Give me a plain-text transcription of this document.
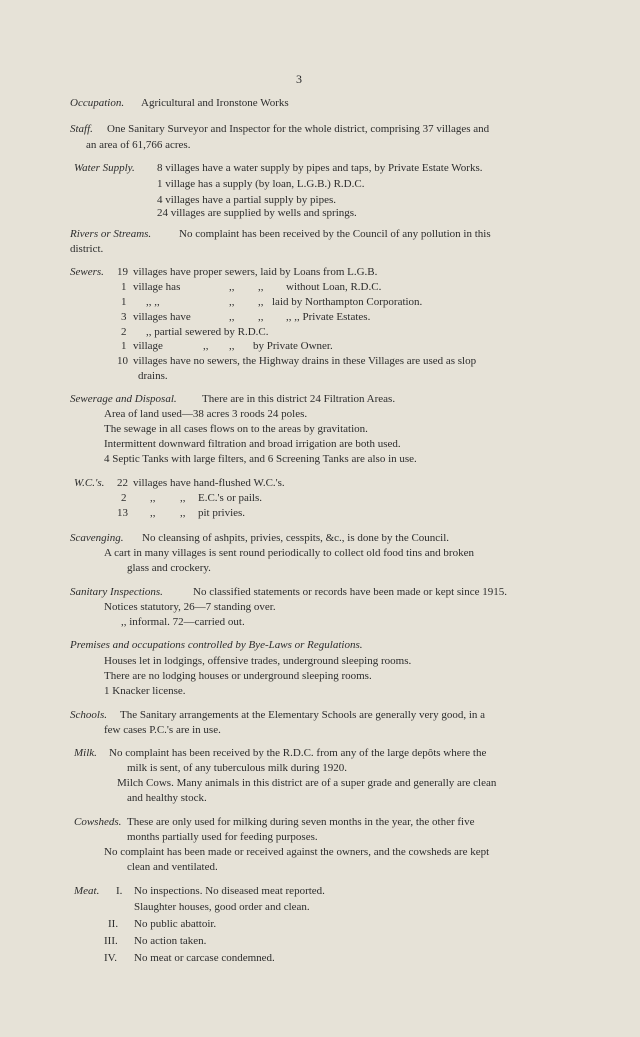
3
Occupation. Agricultural and Ironstone Works
Staff. One Sanitary Surveyor and Inspector for the whole district, comprising 37 villages and
an area of 61,766 acres.
Water Supply. 8 villages have a water supply by pipes and taps, by Private Estate Works.
1 village has a supply (by loan, L.G.B.) R.D.C.
4 villages have a partial supply by pipes.
24 villages are supplied by wells and springs.
Rivers or Streams.	No complaint has been received by the Council of any pollution in this
district.
Sewers. 19 villages have proper sewers, laid by Loans from L.G.B.
1 village has	,, ,, without Loan, R.D.C.
1 ,, ,,	,, ,, laid by Northampton Corporation.
3 villages have	,, ,, ,, ,, Private Estates.
2 ,, partial sewered by R.D.C.
1 village	,, ,, by Private Owner.
10 villages have no sewers, the Highway drains in these Villages are used as slop
drains.
Sewerage and Disposal. There are in this district 24 Filtration Areas.
Area of land used—38 acres 3 roods 24 poles.
The sewage in all cases flows on to the areas by gravitation.
Intermittent downward filtration and broad irrigation are both used.
4 Septic Tanks with large filters, and 6 Screening Tanks are also in use.
W.C.'s. 22 villages have hand-flushed W.C.'s.
2 ,, ,, E.C.'s or pails.
13 ,, ,, pit privies.
Scavenging. No cleansing of ashpits, privies, cesspits, &c., is done by the Council.
A cart in many villages is sent round periodically to collect old food tins and broken
glass and crockery.
Sanitary Inspections.	No classified statements or records have been made or kept since 1915.
Notices statutory, 26—7 standing over.
,, informal. 72—carried out.
Premises and occupations controlled by Bye-Laws or Regulations.
Houses let in lodgings, offensive trades, underground sleeping rooms.
There are no lodging houses or underground sleeping rooms.
1 Knacker license.
Schools. The Sanitary arrangements at the Elementary Schools are generally very good, in a
few cases P.C.'s are in use.
Milk. No complaint has been received by the R.D.C. from any of the large depôts where the
milk is sent, of any tuberculous milk during 1920.
Milch Cows. Many animals in this district are of a super grade and generally are clean
and healthy stock.
Cowsheds. These are only used for milking during seven months in the year, the other five
months partially used for feeding purposes.
No complaint has been made or received against the owners, and the cowsheds are kept
clean and ventilated.
Meat. I. No inspections. No diseased meat reported.
Slaughter houses, good order and clean.
II. No public abattoir.
III. No action taken.
IV. No meat or carcase condemned.
